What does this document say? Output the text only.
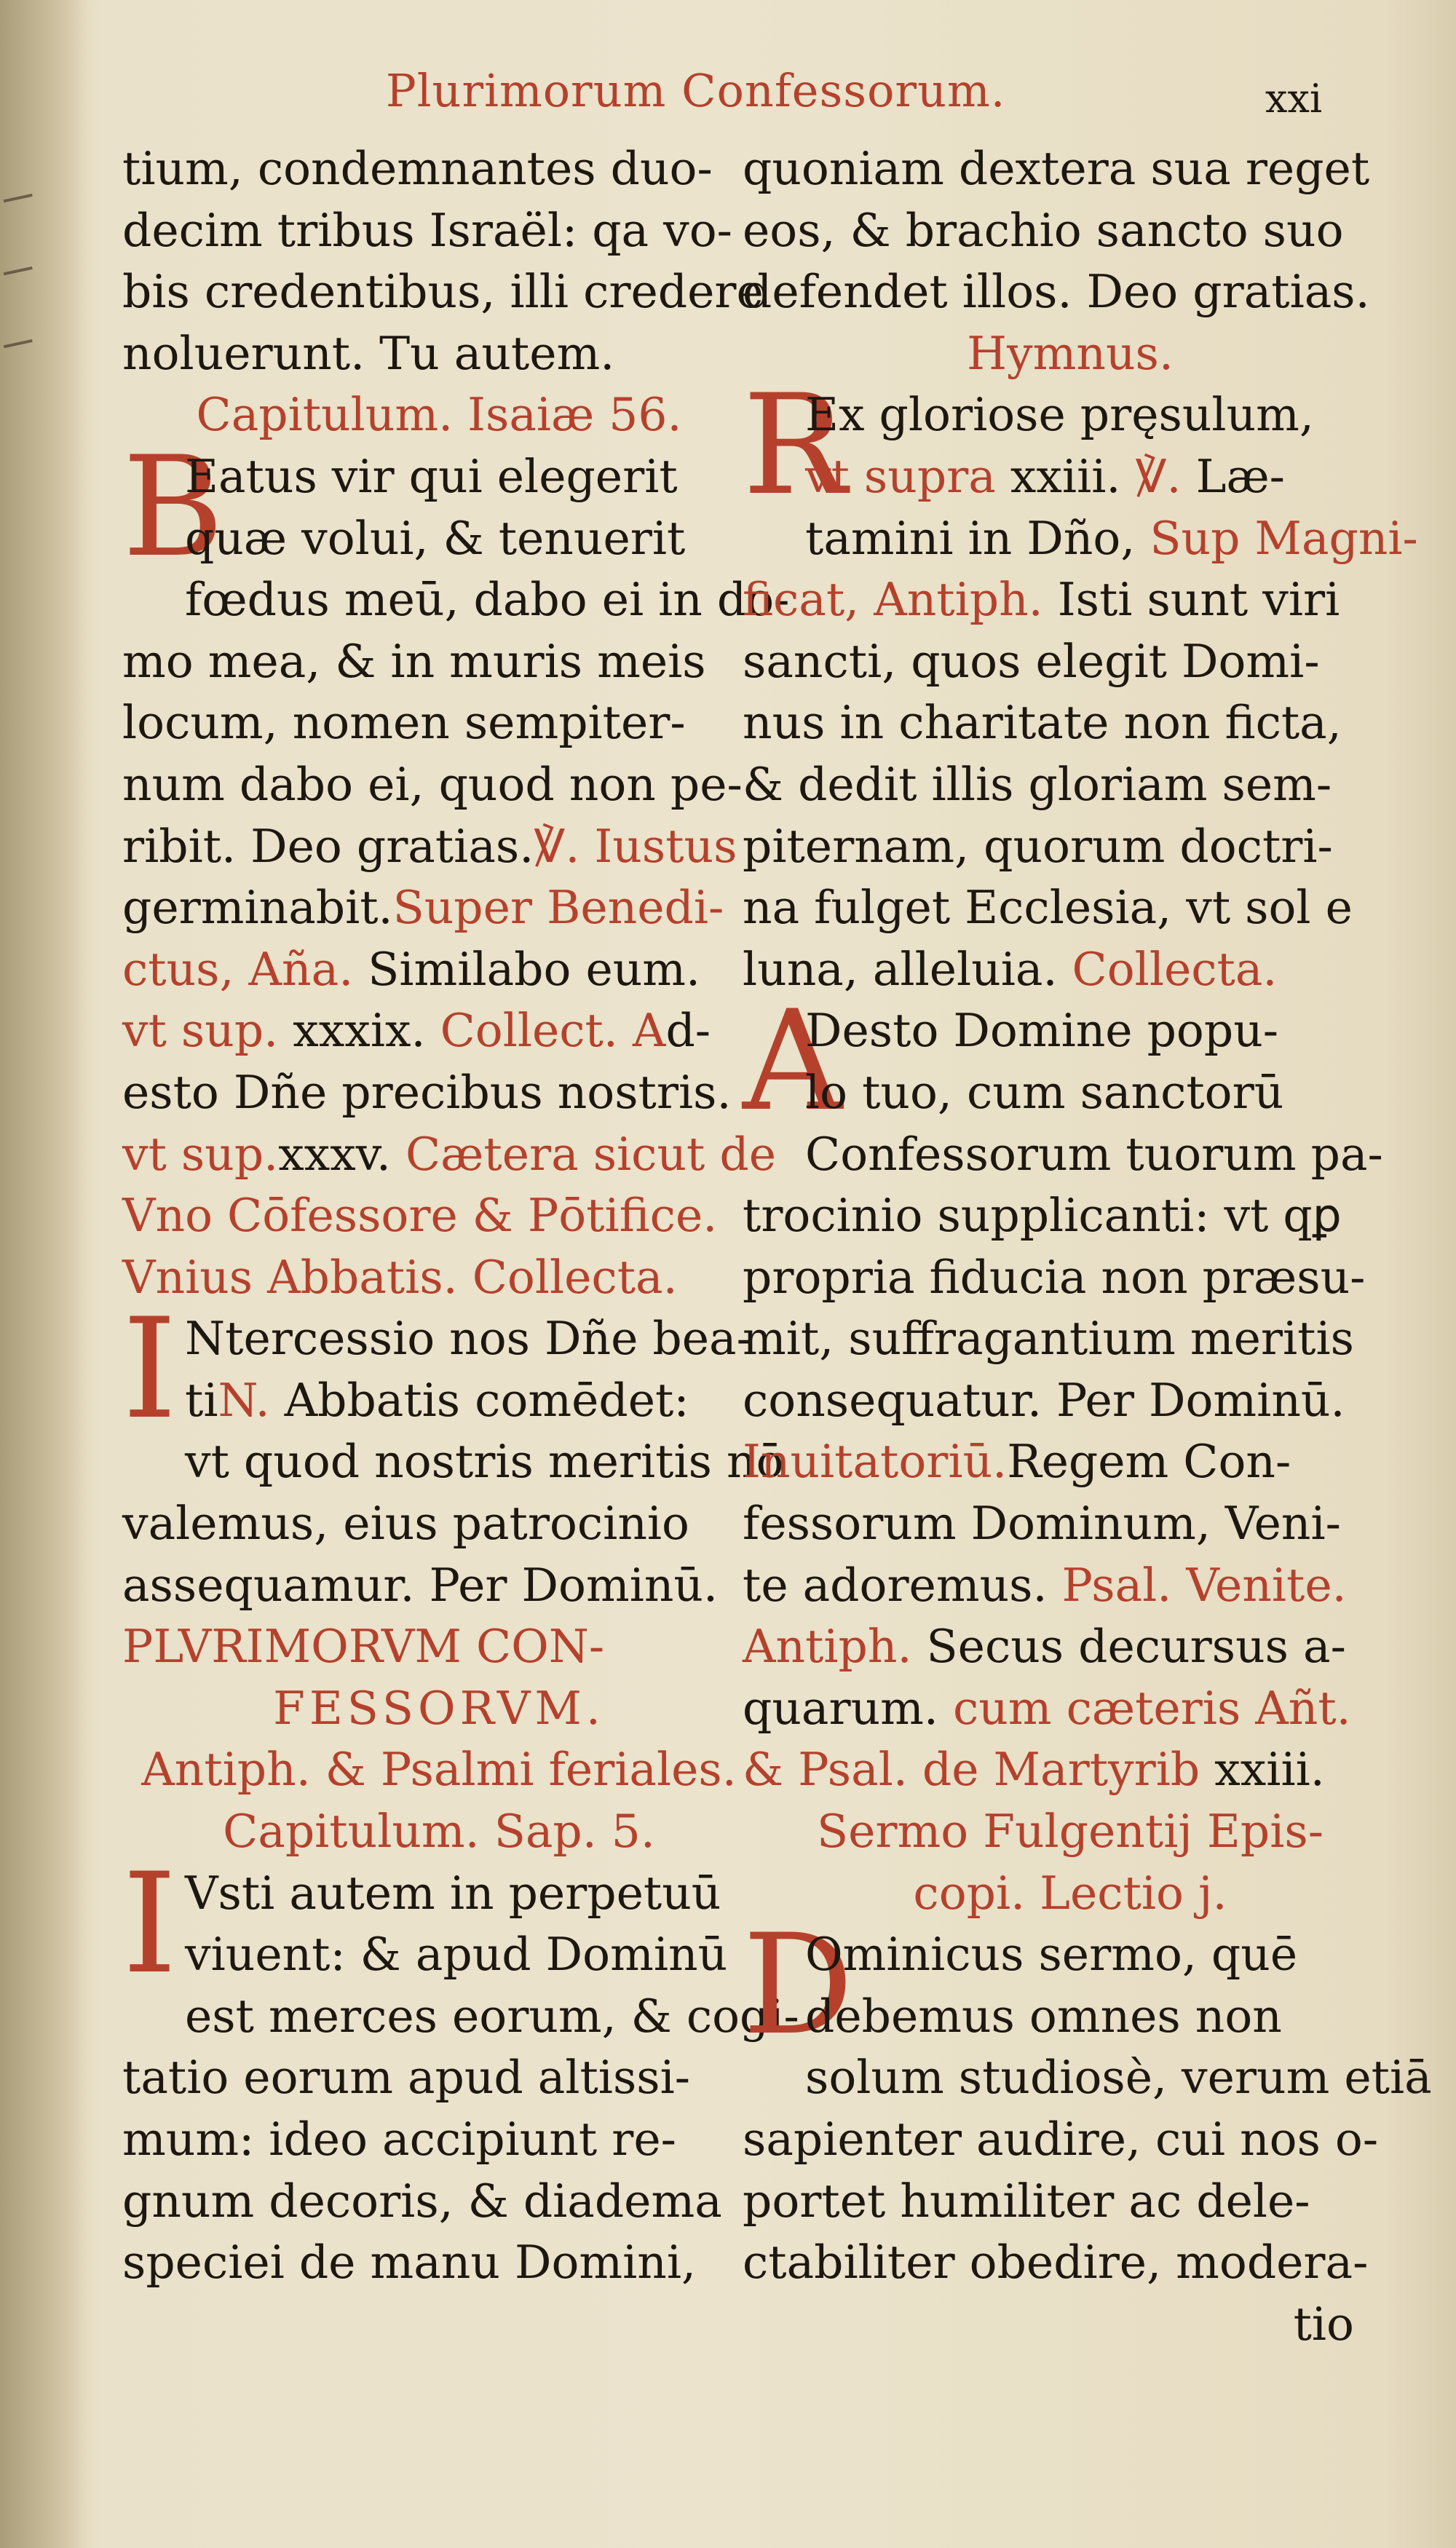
Plurimorum Confessorum.	xxi
tium, condemnantes duo-
decim tribus Israël: qa vo-
bis credentibus, illi credere
noluerunt. Tu autem.
Capitulum. Isaiæ 56.
B
Eatus vir qui elegerit
quæ volui, & tenuerit
fœdus meū, dabo ei in do-
mo mea, & in muris meis
locum, nomen sempiter-
num dabo ei, quod non pe-
ribit. Deo gratias.℣. Iustus
germinabit.Super Benedi-
ctus, Aña. Similabo eum.
vt sup. xxxix. Collect. Ad-
esto Dñe precibus nostris.
vt sup.xxxv. Cætera sicut de
Vno Cōfessore & Pōtifice.
Vnius Abbatis. Collecta.
I Ntercessio nos Dñe bea-
tiN. Abbatis comēdet:
vt quod nostris meritis nō
valemus, eius patrocinio
assequamur. Per Dominū.
PLVRIMORVM CON-
FESSORVM.
Antiph. & Psalmi feriales.
Capitulum. Sap. 5.
I Vsti autem in perpetuū
viuent: & apud Dominū
est merces eorum, & cogi-
tatio eorum apud altissi-
mum: ideo accipiunt re-
gnum decoris, & diadema
speciei de manu Domini,
quoniam dextera sua reget
eos, & brachio sancto suo
defendet illos. Deo gratias.
Hymnus.
R
Ex gloriose pręsulum,
vt supra xxiii. ℣. Læ-
tamini in Dño, Sup Magni-
ficat, Antiph. Isti sunt viri
sancti, quos elegit Domi-
nus in charitate non ficta,
& dedit illis gloriam sem-
piternam, quorum doctri-
na fulget Ecclesia, vt sol e
luna, alleluia. Collecta.
A
Desto Domine popu-
lo tuo, cum sanctorū
Confessorum tuorum pa-
trocinio supplicanti: vt qꝑ
propria fiducia non præsu-
mit, suffragantium meritis
consequatur. Per Dominū.
Inuitatoriū.Regem Con-
fessorum Dominum, Veni-
te adoremus. Psal. Venite.
Antiph. Secus decursus a-
quarum. cum cæteris Añt.
& Psal. de Martyrib xxiii.
Sermo Fulgentij Epis-
copi. Lectio j.
D
Ominicus sermo, quē
debemus omnes non
solum studiosè, verum etiā
sapienter audire, cui nos o-
portet humiliter ac dele-
ctabiliter obedire, modera-
tio
